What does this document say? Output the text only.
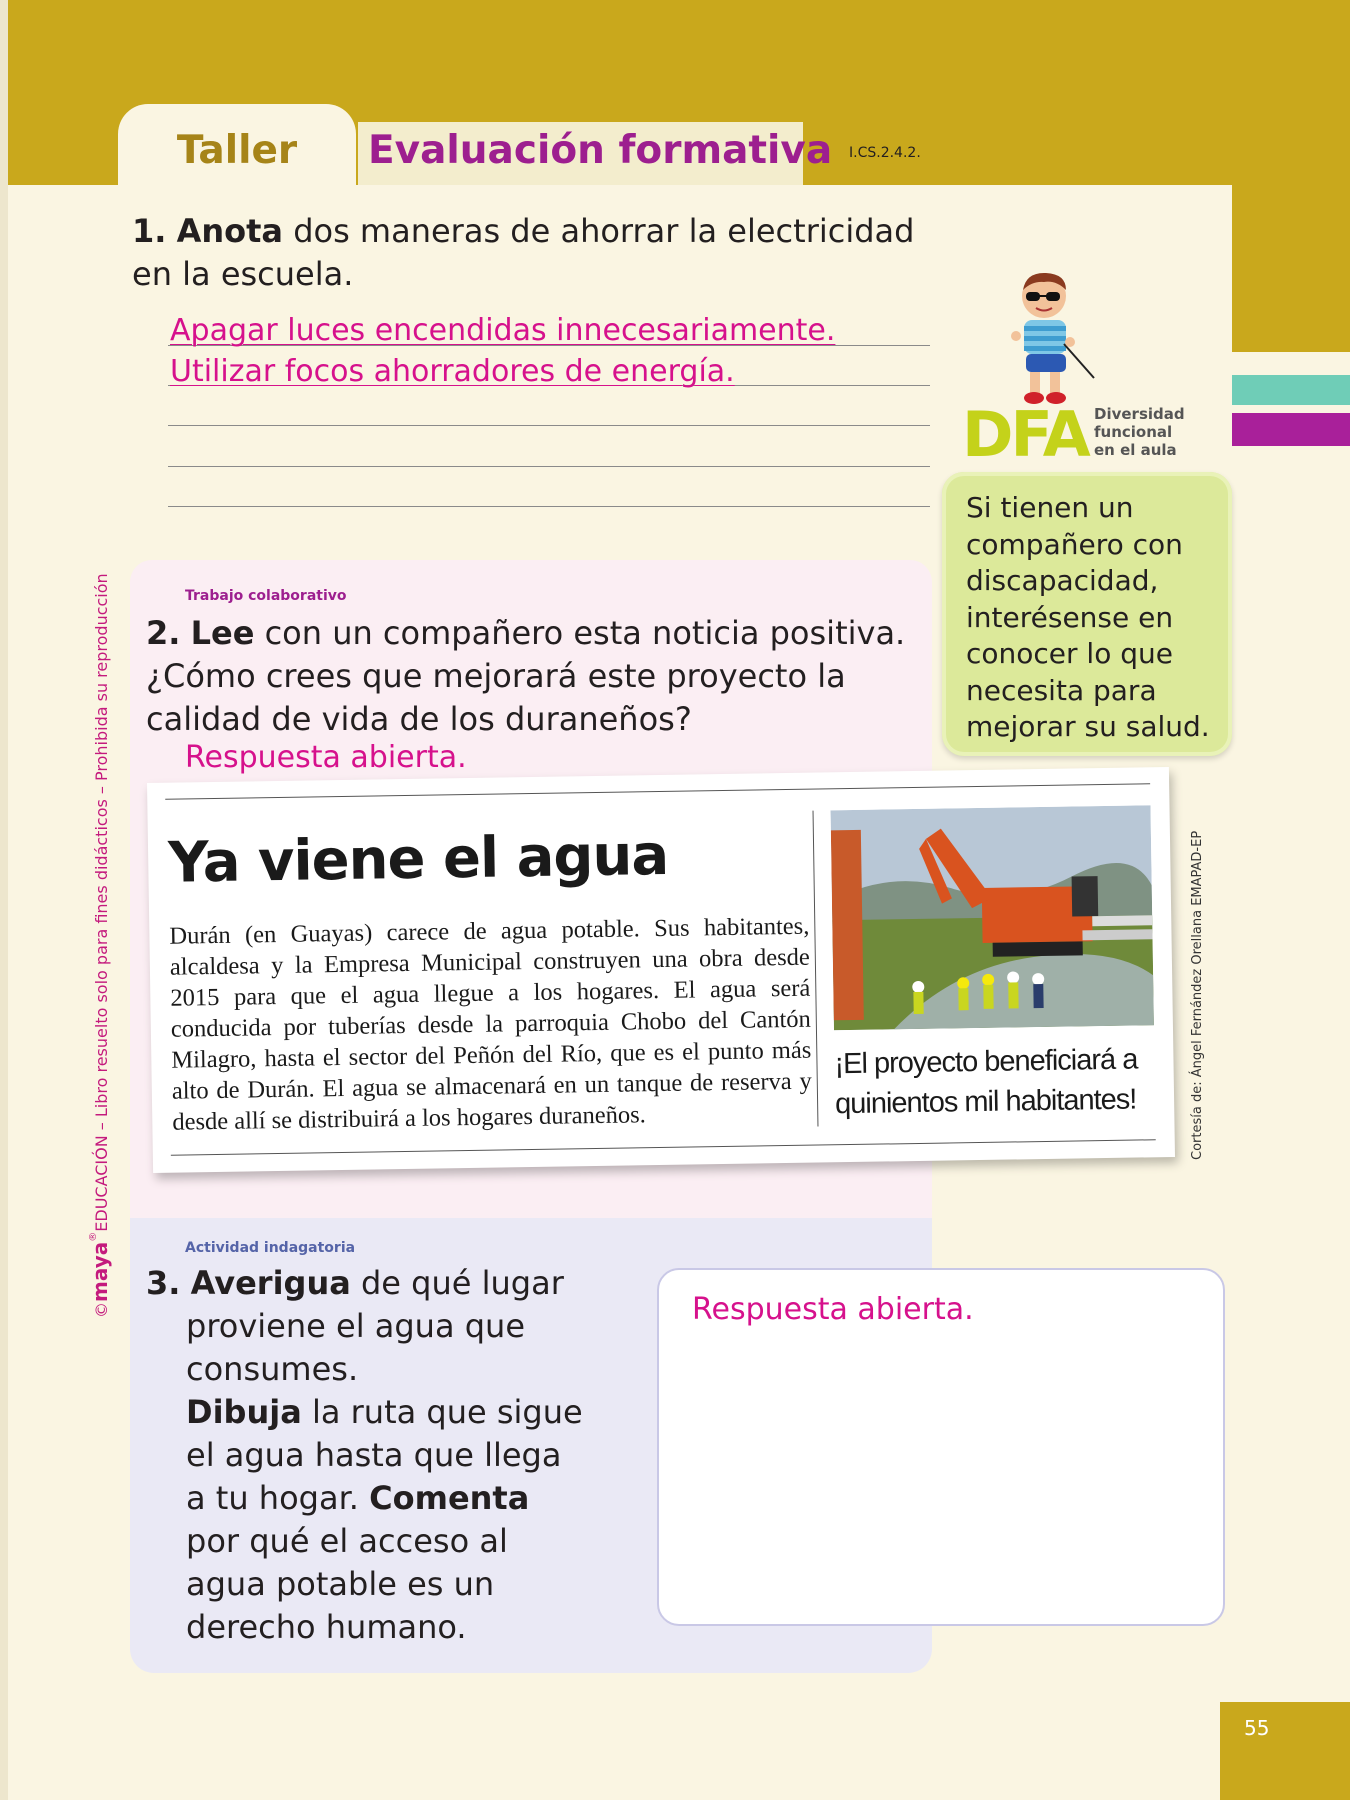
Taller	Evaluación formativa I.CS.2.4.2.
1. Anota dos maneras de ahorrar la electricidad en la escuela.
Apagar luces encendidas innecesariamente.
Utilizar focos ahorradores de energía.
DFA Diversidad
funcional
en el aula
Si tienen un compañero con discapacidad, interésense en conocer lo que necesita para mejorar su salud.
Trabajo colaborativo
2. Lee con un compañero esta noticia positiva. ¿Cómo crees que mejorará este proyecto la calidad de vida de los duraneños?
Respuesta abierta.
Ya viene el agua
Durán (en Guayas) carece de agua potable. Sus habitantes, alcaldesa y la Empresa Municipal construyen una obra desde 2015 para que el agua llegue a los hogares. El agua será conducida por tuberías desde la parroquia Chobo del Cantón Milagro, hasta el sector del Peñón del Río, que es el punto más alto de Durán. El agua se almacenará en un tanque de reserva y desde allí se distribuirá a los hogares duraneños.
¡El proyecto beneficiará a quinientos mil habitantes!	Cortesía de: Ángel Fernández Orellana EMAPAD-EP
Actividad indagatoria
3. Averigua de qué lugar proviene el agua que consumes.
Dibuja la ruta que sigue el agua hasta que llega a tu hogar. Comenta por qué el acceso al agua potable es un derecho humano.
Respuesta abierta.
©maya®EDUCACIÓN – Libro resuelto solo para fines didácticos – Prohibida su reproducción
55
